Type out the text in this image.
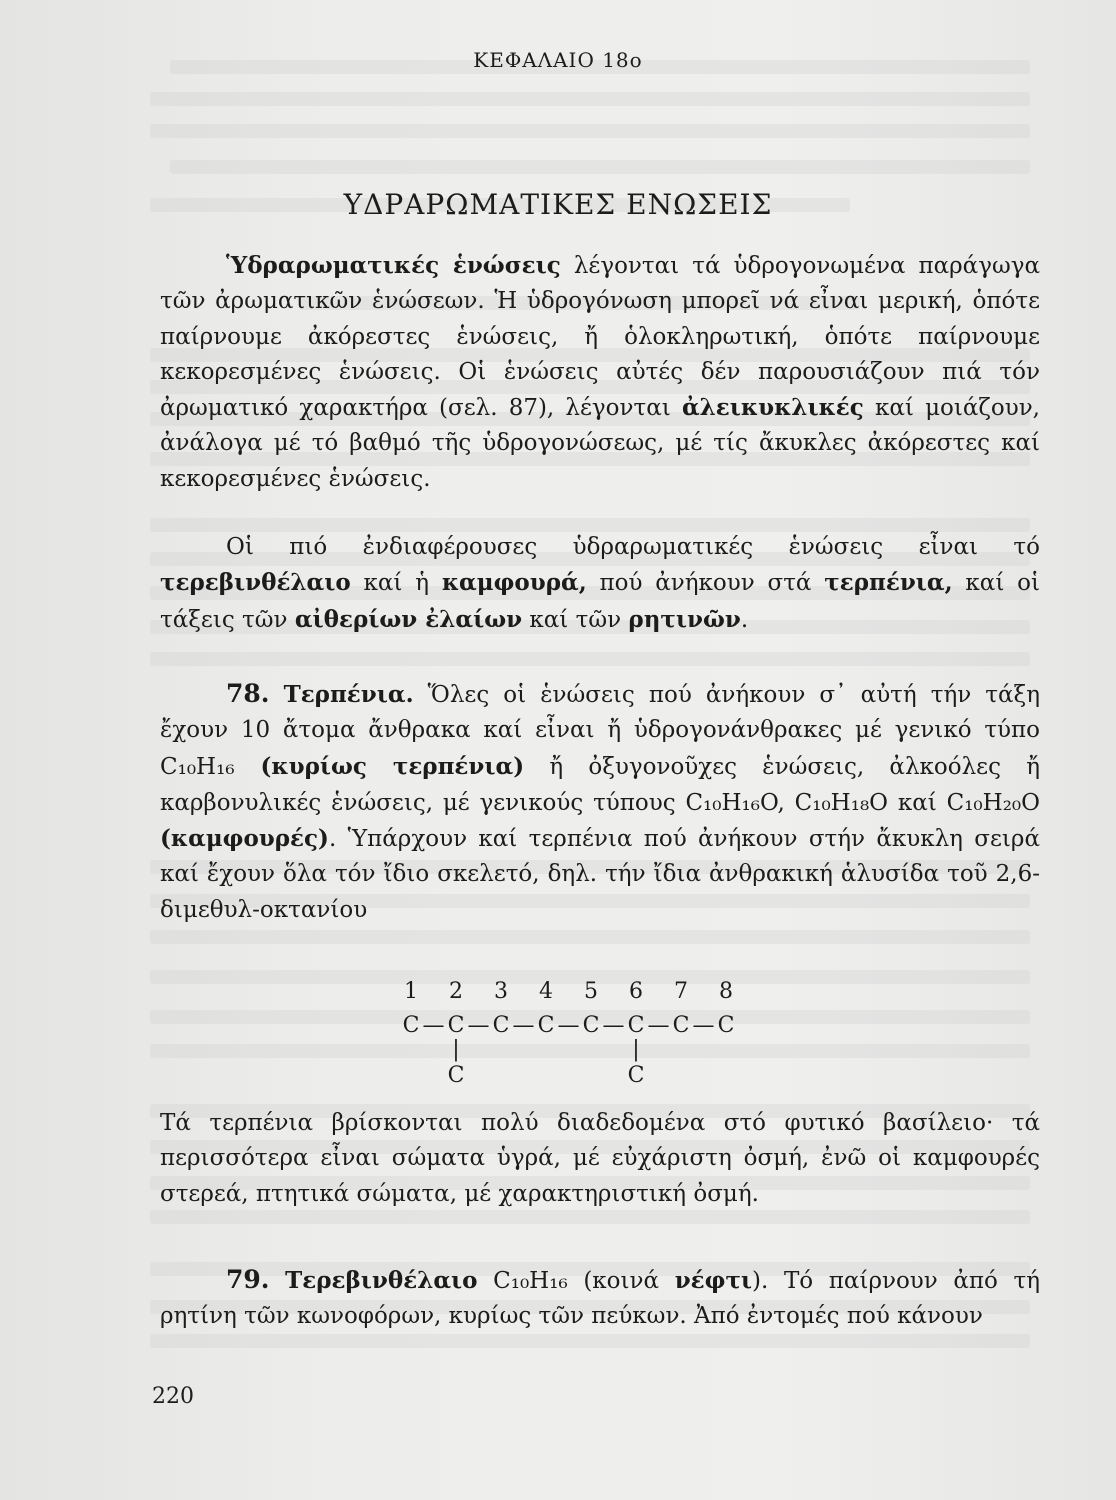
ΚΕΦΑΛΑΙΟ 18ο
ΥΔΡΑΡΩΜΑΤΙΚΕΣ ΕΝΩΣΕΙΣ

Ὑδραρωματικές ἑνώσεις λέγονται τά ὑδρογονωμένα παράγωγα τῶν ἀρωματικῶν ἑνώσεων. Ἡ ὑδρογόνωση μπορεῖ νά εἶναι μερική, ὁπότε παίρνουμε ἀκόρεστες ἑνώσεις, ἤ ὁλοκληρωτική, ὁπότε παίρνουμε κεκορεσμένες ἑνώσεις. Οἱ ἑνώσεις αὐτές δέν παρουσιάζουν πιά τόν ἀρωματικό χαρακτήρα (σελ. 87), λέγονται ἀλεικυκλικές καί μοιάζουν, ἀνάλογα μέ τό βαθμό τῆς ὑδρογονώσεως, μέ τίς ἄκυκλες ἀκόρεστες καί κεκορεσμένες ἑνώσεις.

Οἱ πιό ἐνδιαφέρουσες ὑδραρωματικές ἑνώσεις εἶναι τό τερεβινθέλαιο καί ἡ καμφουρά, πού ἀνήκουν στά τερπένια, καί οἱ τάξεις τῶν αἰθερίων ἐλαίων καί τῶν ρητινῶν.

78. Τερπένια. Ὅλες οἱ ἑνώσεις πού ἀνήκουν σ᾽ αὐτή τήν τάξη ἔχουν 10 ἄτομα ἄνθρακα καί εἶναι ἤ ὑδρογονάνθρακες μέ γενικό τύπο C₁₀H₁₆ (κυρίως τερπένια) ἤ ὀξυγονοῦχες ἑνώσεις, ἀλκοόλες ἤ καρβονυλικές ἑνώσεις, μέ γενικούς τύπους C₁₀H₁₆O, C₁₀H₁₈O καί C₁₀H₂₀O (καμφουρές). Ὑπάρχουν καί τερπένια πού ἀνήκουν στήν ἄκυκλη σειρά καί ἔχουν ὅλα τόν ἴδιο σκελετό, δηλ. τήν ἴδια ἀνθρακική ἁλυσίδα τοῦ 2,6-διμεθυλ-οκτανίου

1 2 3 4 5 6 7 8
C — C — C — C — C — C — C — C
|
C
|
C

Τά τερπένια βρίσκονται πολύ διαδεδομένα στό φυτικό βασίλειο· τά περισσότερα εἶναι σώματα ὑγρά, μέ εὐχάριστη ὀσμή, ἐνῶ οἱ καμφουρές στερεά, πτητικά σώματα, μέ χαρακτηριστική ὀσμή.

79. Τερεβινθέλαιο C₁₀H₁₆ (κοινά νέφτι). Τό παίρνουν ἀπό τή ρητίνη τῶν κωνοφόρων, κυρίως τῶν πεύκων. Ἀπό ἐντομές πού κάνουν

220
